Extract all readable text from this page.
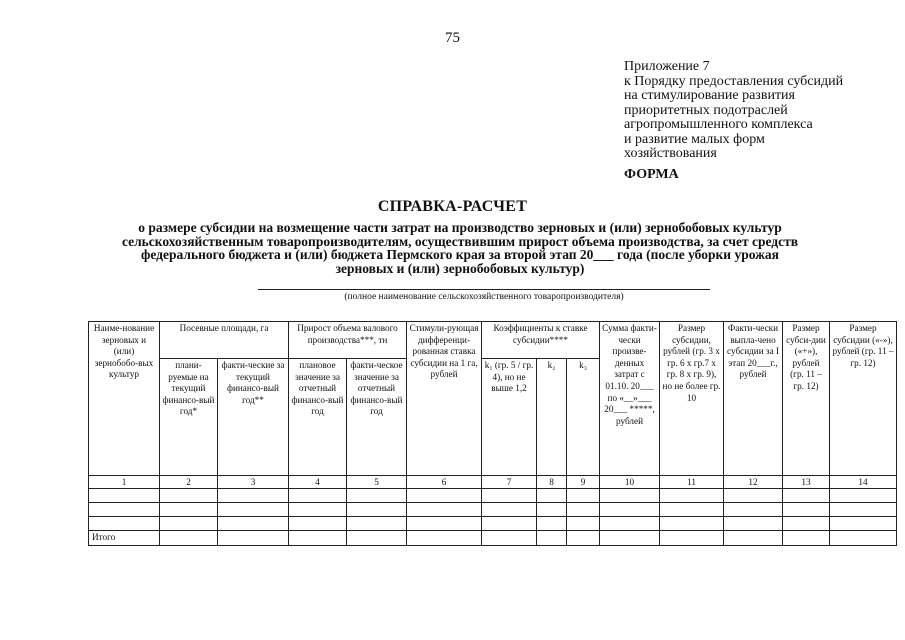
75
Приложение 7
к Порядку предоставления субсидий
на стимулирование развития
приоритетных подотраслей
агропромышленного комплекса
и развитие малых форм
хозяйствования
ФОРМА
СПРАВКА-РАСЧЕТ
о размере субсидии на возмещение части затрат на производство зерновых и (или) зернобобовых культур
сельскохозяйственным товаропроизводителям, осуществившим прирост объема производства, за счет средств
федерального бюджета и (или) бюджета Пермского края за второй этап 20___ года (после уборки урожая
зерновых и (или) зернобобовых культур)
(полное наименование сельскохозяйственного товаропроизводителя)
Наиме-нование зерновых и (или) зернобобо-вых культур	Посевные площади, га		Прирост объема валового производства***, тн		Стимули-рующая дифференци-рованная ставка субсидии на 1 га, рублей	Коэффициенты к ставке субсидии****			Сумма факти-чески произве-денных затрат с 01.10. 20___ по «__»___ 20___ *****, рублей	Размер субсидии, рублей (гр. 3 х гр. 6 х гр.7 х гр. 8 х гр. 9), но не более гр. 10	Факти-чески выпла-чено субсидии за I этап 20___г., рублей	Размер субси-дии («+»), рублей (гр. 11 – гр. 12)	Размер субсидии («-»), рублей (гр. 11 – гр. 12)
	плани-руемые на текущий финансо-вый год*	факти-ческие за текущий финансо-вый год**	плановое значение за отчетный финансо-вый год	факти-ческое значение за отчетный финансо-вый год		k₁ (гр. 5 / гр. 4), но не выше 1,2	k₂	k₃					
1	2	3	4	5	6	7	8	9	10	11	12	13	14

Итого													
